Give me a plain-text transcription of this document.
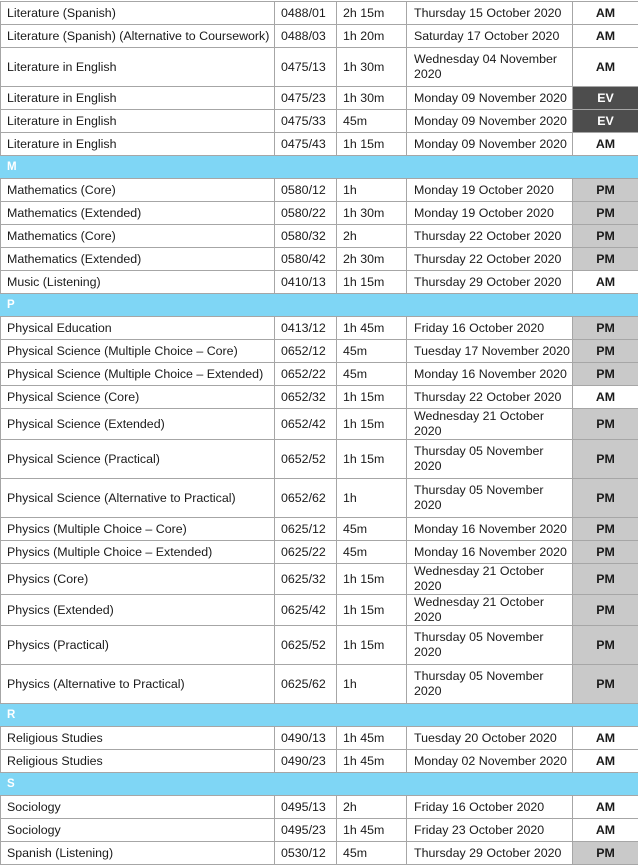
Literature (Spanish)	0488/01	2h 15m	Thursday 15 October 2020	AM
Literature (Spanish) (Alternative to Coursework)	0488/03	1h 20m	Saturday 17 October 2020	AM
Literature in English	0475/13	1h 30m	Wednesday 04 November 2020	AM
Literature in English	0475/23	1h 30m	Monday 09 November 2020	EV
Literature in English	0475/33	45m	Monday 09 November 2020	EV
Literature in English	0475/43	1h 15m	Monday 09 November 2020	AM
M				
Mathematics (Core)	0580/12	1h	Monday 19 October 2020	PM
Mathematics (Extended)	0580/22	1h 30m	Monday 19 October 2020	PM
Mathematics (Core)	0580/32	2h	Thursday 22 October 2020	PM
Mathematics (Extended)	0580/42	2h 30m	Thursday 22 October 2020	PM
Music (Listening)	0410/13	1h 15m	Thursday 29 October 2020	AM
P				
Physical Education	0413/12	1h 45m	Friday 16 October 2020	PM
Physical Science (Multiple Choice – Core)	0652/12	45m	Tuesday 17 November 2020	PM
Physical Science (Multiple Choice – Extended)	0652/22	45m	Monday 16 November 2020	PM
Physical Science (Core)	0652/32	1h 15m	Thursday 22 October 2020	AM
Physical Science (Extended)	0652/42	1h 15m	Wednesday 21 October 2020	PM
Physical Science (Practical)	0652/52	1h 15m	Thursday 05 November 2020	PM
Physical Science (Alternative to Practical)	0652/62	1h	Thursday 05 November 2020	PM
Physics (Multiple Choice – Core)	0625/12	45m	Monday 16 November 2020	PM
Physics (Multiple Choice – Extended)	0625/22	45m	Monday 16 November 2020	PM
Physics (Core)	0625/32	1h 15m	Wednesday 21 October 2020	PM
Physics (Extended)	0625/42	1h 15m	Wednesday 21 October 2020	PM
Physics (Practical)	0625/52	1h 15m	Thursday 05 November 2020	PM
Physics (Alternative to Practical)	0625/62	1h	Thursday 05 November 2020	PM
R				
Religious Studies	0490/13	1h 45m	Tuesday 20 October 2020	AM
Religious Studies	0490/23	1h 45m	Monday 02 November 2020	AM
S				
Sociology	0495/13	2h	Friday 16 October 2020	AM
Sociology	0495/23	1h 45m	Friday 23 October 2020	AM
Spanish (Listening)	0530/12	45m	Thursday 29 October 2020	PM
